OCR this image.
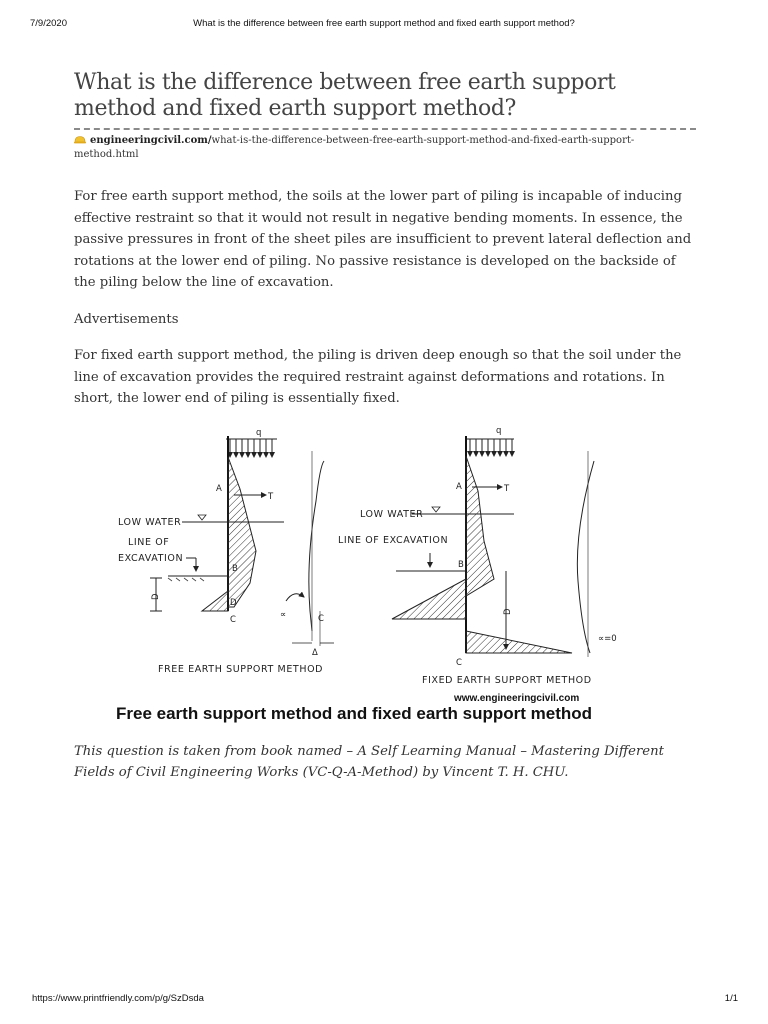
7/9/2020	What is the difference between free earth support method and fixed earth support method?
What is the difference between free earth support method and fixed earth support method?
engineeringcivil.com/what-is-the-difference-between-free-earth-support-method-and-fixed-earth-support-method.html

For free earth support method, the soils at the lower part of piling is incapable of inducing effective restraint so that it would not result in negative bending moments. In essence, the passive pressures in front of the sheet piles are insufficient to prevent lateral deflection and rotations at the lower end of piling. No passive resistance is developed on the backside of the piling below the line of excavation.

Advertisements

For fixed earth support method, the piling is driven deep enough so that the soil under the line of excavation provides the required restraint against deformations and rotations. In short, the lower end of piling is essentially fixed.

q
A
T
LOW WATER
LINE OF
EXCAVATION
B
D
D
C	∝	C
Δ
FREE EARTH SUPPORT METHOD
q
A	T
LOW WATER
LINE OF EXCAVATION
B
D
C
∝=0
FIXED EARTH SUPPORT METHOD
www.engineeringcivil.com
Free earth support method and fixed earth support method

This question is taken from book named – A Self Learning Manual – Mastering Different Fields of Civil Engineering Works (VC-Q-A-Method) by Vincent T. H. CHU.

https://www.printfriendly.com/p/g/SzDsda	1/1
